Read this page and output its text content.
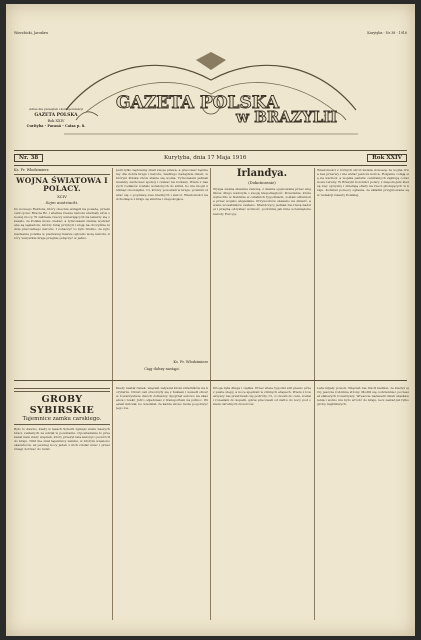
Wierzbicki, Jarosław	Kurytyba - Nr 38 - 1916
GAZETA POLSKA
w BRAZYLII
Adres dla przesyłek i korespondencji
GAZETA POLSKA
Rok XXIV
Curityba - Paraná - Caixa p. 8.
Nr. 38	Kurytyba, dnia 17 Maja 1916	Rok XXIV
Ks. Fr. Włodzimierz
WOJNA ŚWIATOWA I POLACY.
XCIV
Sejm austriacki.
Do nowego Rektora, który obecnie wstąpił na posadę, przemówił ojciec Bracia Rz. i wielkie rzesze narodu słuchały słów o nowej mocy. W zakresie rzeczy umierających na lekarzy się okazało, że Polska może czekać, a tymczasem ziemie wydzierane są sąsiadom, którzy tutaj przybyli i stoją na obczyźnie ludzie pracowitego narodu. I zobaczyć to było trudno, że zgromadzenie polskie w pierwszej mierze ogłosiło wolę narodu, który wszystkie kraje pragnie połączyć w jedno.
Jeśli tylko będziemy znali swoje prawa, a pracować będziemy dla dobra kraju i narodu, niedługo nadejdzie dzień, w którym Polska znów stanie się wolna. Tymczasem jednak musimy zachować spokój i czekać na rozkazy. Wielu z naszych rodaków zostało wcielonych do armii, bo nie mogli uniknąć obowiązku. Ci, którzy pozostali w kraju, powinni starać się o poprawę losu biednych i sierot. Wiadomości nadchodzące z kraju są smutne i niepokojące.
Ks. Fr. Włodzimierz
Ciąg dalszy nastąpi.
Irlandya.
(Dokończenie)
Wyspa zwana słusznie zieloną, z dawna opanowana przez Anglików, długo walczyła o swoją niepodległość. Powstanie, które wybuchło w Dublinie w ostatnich tygodniach, zostało stłumione przez wojsko angielskie. Przywódców skazano na śmierć, a wielu uczestników zesłano. Irlandczycy jednak nie tracą nadziei i pragną odzyskać wolność, podobnie jak inne uciemiężone narody Europy.
Wiadomości z różnych stron świata donoszą, że wojna trwa bez przerwy i nie widać jeszcze końca. Rosjanie cofają się na wschód, a wojska państw centralnych zajmują coraz nowe tereny. W Brazylii koloniści polscy z niepokojem śledzą losy ojczyzny i zbierają ofiary na rzecz głodujących w kraju. Komitet pomocy ogłasza, że składki przyjmowane są w redakcji Gazety Polskiej.
GROBY SYBIRSKIE
Tajemnice zamku carskiego.
Było to dawno, kiedy w lasach Syberii zginęło wielu naszych braci, zesłanych za udział w powstaniu. Opowiadanie to przekazał nam stary więzień, który przeżył lata katorgi i powrócił do kraju. Nikt nie znał tajemnicy zamku, w którym więziono skazańców, aż pewnej nocy jeden z nich zdołał uciec i przez śniegi dotrzeć do ludzi.
Kiedy nastał ranek, więzień usłyszał kroki strażników na korytarzu. Drzwi celi otworzyły się z hukiem i wszedł oficer w towarzystwie dwóch żołnierzy. Spojrzał surowo na skazańca i rzekł: Jutro odjedziesz z transportem na północ. Więzień milczał, bo wiedział, że każde słowo może pogorszyć jego los.
Droga była długa i ciężka. Przez wiele tygodni szli pieszo przez puste stepy, a noce spędzali w zimnych etapach. Wielu z towarzyszy nie przetrwało tej podróży. Ci, co doszli do celu, zostali rozesłani do kopalń, gdzie pracowali od świtu do nocy pod okiem okrutnych dozorców.
Lata mijały powoli. Więzień nie tracił nadziei, że kiedyś ujrzy jeszcze rodzinne strony. Modlił się codziennie i pocieszał słabszych towarzyszy. Wreszcie nadszedł dzień ułaskawienia i wolno mu było wrócić do kraju, lecz zastał już tylko groby najbliższych.
